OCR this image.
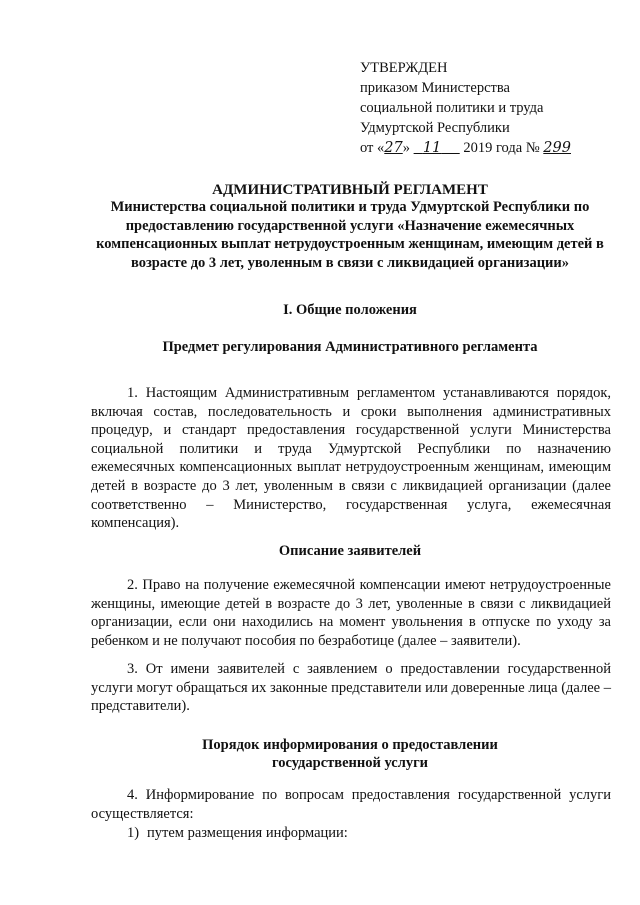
УТВЕРЖДЕН
приказом Министерства
социальной политики и труда
Удмуртской Республики
от «27» 11 2019 года № 299
АДМИНИСТРАТИВНЫЙ РЕГЛАМЕНТ
Министерства социальной политики и труда Удмуртской Республики по предоставлению государственной услуги «Назначение ежемесячных компенсационных выплат нетрудоустроенным женщинам, имеющим детей в возрасте до 3 лет, уволенным в связи с ликвидацией организации»
I. Общие положения
Предмет регулирования Административного регламента
1. Настоящим Административным регламентом устанавливаются порядок, включая состав, последовательность и сроки выполнения административных процедур, и стандарт предоставления государственной услуги Министерства социальной политики и труда Удмуртской Республики по назначению ежемесячных компенсационных выплат нетрудоустроенным женщинам, имеющим детей в возрасте до 3 лет, уволенным в связи с ликвидацией организации (далее соответственно – Министерство, государственная услуга, ежемесячная компенсация).
Описание заявителей
2. Право на получение ежемесячной компенсации имеют нетрудоустроенные женщины, имеющие детей в возрасте до 3 лет, уволенные в связи с ликвидацией организации, если они находились на момент увольнения в отпуске по уходу за ребенком и не получают пособия по безработице (далее – заявители).
3. От имени заявителей с заявлением о предоставлении государственной услуги могут обращаться их законные представители или доверенные лица (далее – представители).
Порядок информирования о предоставлении
государственной услуги
4. Информирование по вопросам предоставления государственной услуги осуществляется:
1) путем размещения информации:
